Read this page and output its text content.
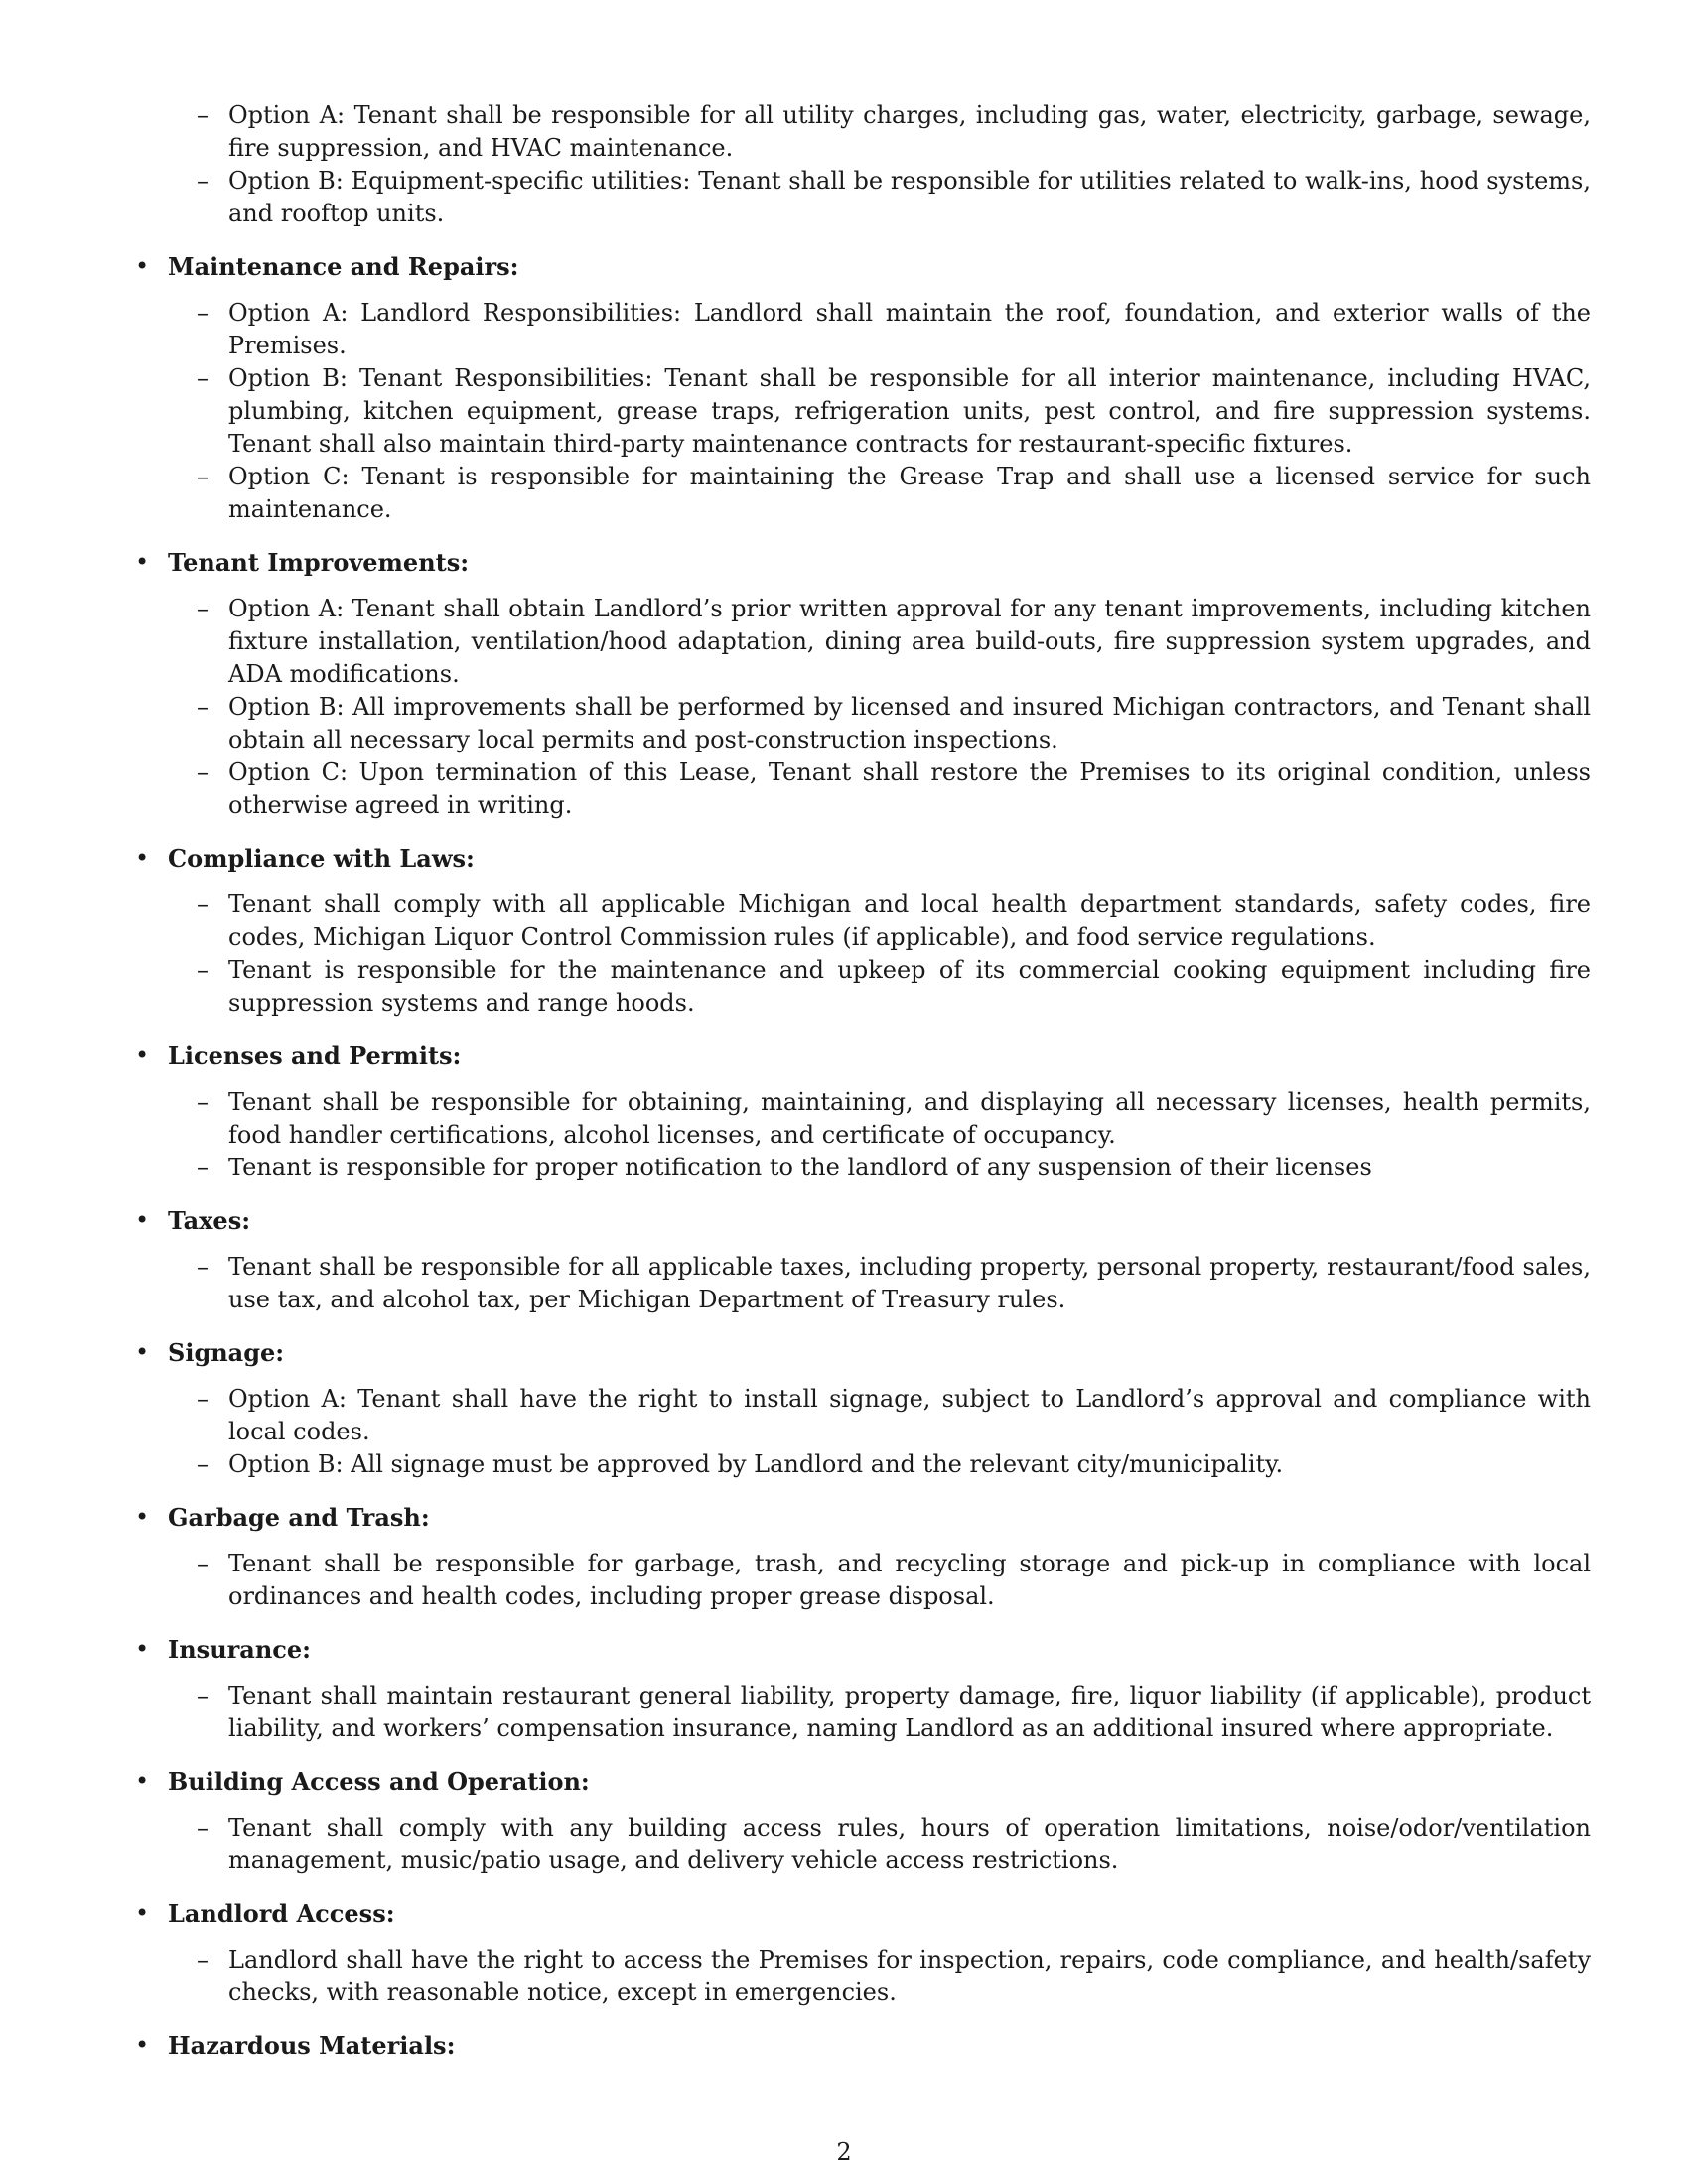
– Option A: Tenant shall be responsible for all utility charges, including gas, water, electricity, garbage, sewage, fire suppression, and HVAC maintenance.
– Option B: Equipment-specific utilities: Tenant shall be responsible for utilities related to walk-ins, hood systems, and rooftop units.
• Maintenance and Repairs:
– Option A: Landlord Responsibilities: Landlord shall maintain the roof, foundation, and exterior walls of the Premises.
– Option B: Tenant Responsibilities: Tenant shall be responsible for all interior maintenance, including HVAC, plumbing, kitchen equipment, grease traps, refrigeration units, pest control, and fire suppression systems. Tenant shall also maintain third-party maintenance contracts for restaurant-specific fixtures.
– Option C: Tenant is responsible for maintaining the Grease Trap and shall use a licensed service for such maintenance.
• Tenant Improvements:
– Option A: Tenant shall obtain Landlord’s prior written approval for any tenant improvements, including kitchen fixture installation, ventilation/hood adaptation, dining area build-outs, fire suppression system upgrades, and ADA modifications.
– Option B: All improvements shall be performed by licensed and insured Michigan contractors, and Tenant shall obtain all necessary local permits and post-construction inspections.
– Option C: Upon termination of this Lease, Tenant shall restore the Premises to its original condition, unless otherwise agreed in writing.
• Compliance with Laws:
– Tenant shall comply with all applicable Michigan and local health department standards, safety codes, fire codes, Michigan Liquor Control Commission rules (if applicable), and food service regulations.
– Tenant is responsible for the maintenance and upkeep of its commercial cooking equipment including fire suppression systems and range hoods.
• Licenses and Permits:
– Tenant shall be responsible for obtaining, maintaining, and displaying all necessary licenses, health permits, food handler certifications, alcohol licenses, and certificate of occupancy.
– Tenant is responsible for proper notification to the landlord of any suspension of their licenses
• Taxes:
– Tenant shall be responsible for all applicable taxes, including property, personal property, restaurant/food sales, use tax, and alcohol tax, per Michigan Department of Treasury rules.
• Signage:
– Option A: Tenant shall have the right to install signage, subject to Landlord’s approval and compliance with local codes.
– Option B: All signage must be approved by Landlord and the relevant city/municipality.
• Garbage and Trash:
– Tenant shall be responsible for garbage, trash, and recycling storage and pick-up in compliance with local ordinances and health codes, including proper grease disposal.
• Insurance:
– Tenant shall maintain restaurant general liability, property damage, fire, liquor liability (if applicable), product liability, and workers’ compensation insurance, naming Landlord as an additional insured where appropriate.
• Building Access and Operation:
– Tenant shall comply with any building access rules, hours of operation limitations, noise/odor/ventilation management, music/patio usage, and delivery vehicle access restrictions.
• Landlord Access:
– Landlord shall have the right to access the Premises for inspection, repairs, code compliance, and health/safety checks, with reasonable notice, except in emergencies.
• Hazardous Materials:
2
